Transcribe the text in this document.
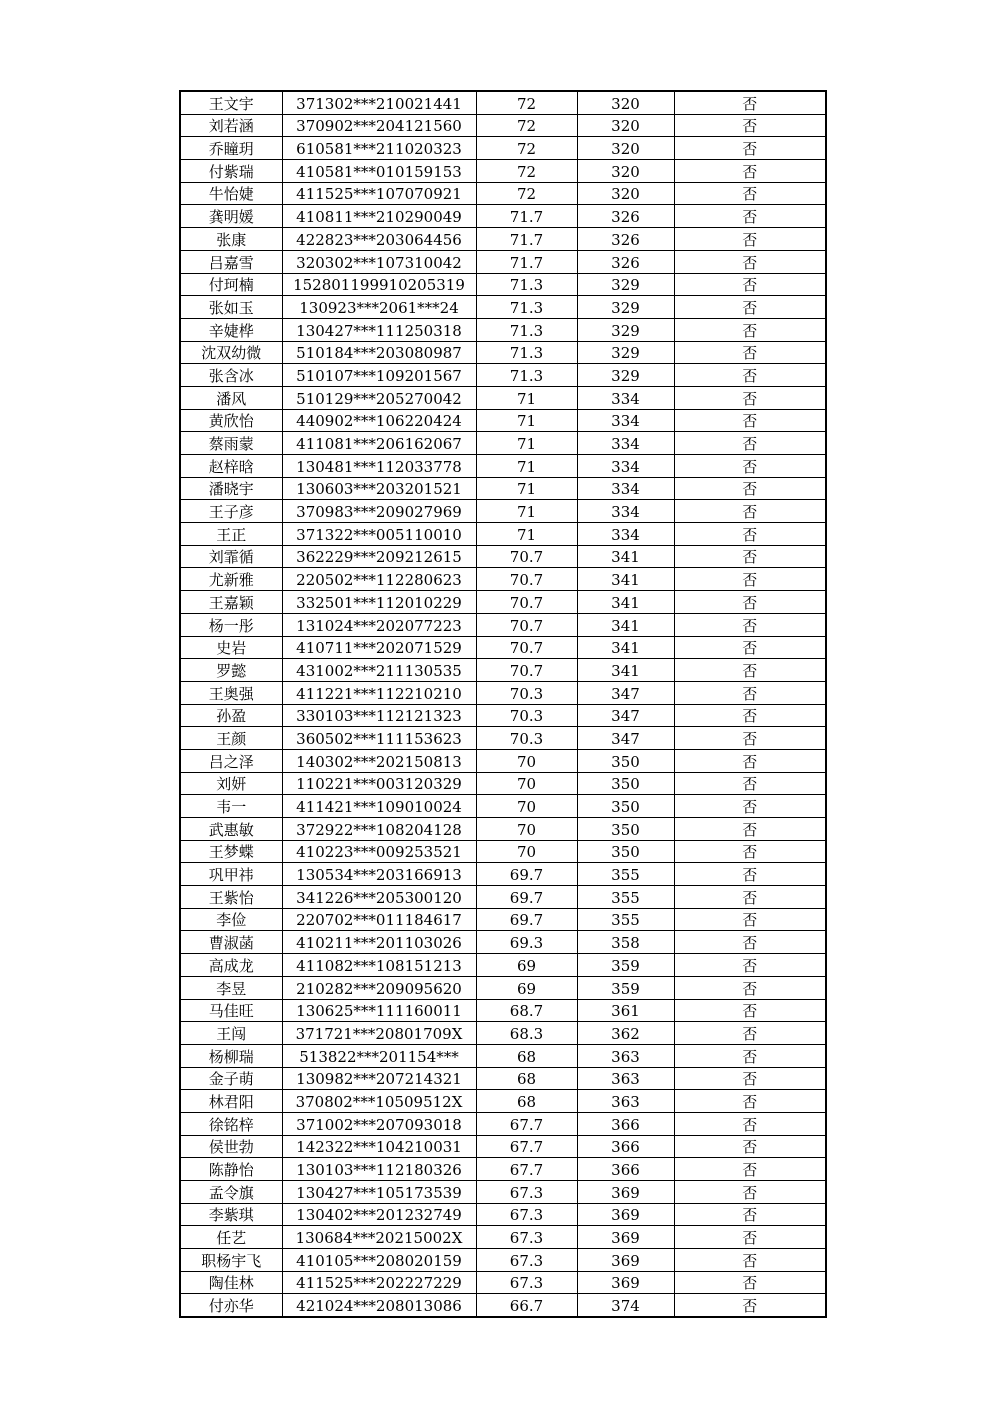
王文宇	371302***210021441	72	320	否
刘若涵	370902***204121560	72	320	否
乔瞳玥	610581***211020323	72	320	否
付紫瑞	410581***010159153	72	320	否
牛怡婕	411525***107070921	72	320	否
龚明媛	410811***210290049	71.7	326	否
张康	422823***203064456	71.7	326	否
吕嘉雪	320302***107310042	71.7	326	否
付珂楠	152801199910205319	71.3	329	否
张如玉	130923***2061***24	71.3	329	否
辛婕桦	130427***111250318	71.3	329	否
沈双幼微	510184***203080987	71.3	329	否
张含冰	510107***109201567	71.3	329	否
潘风	510129***205270042	71	334	否
黄欣怡	440902***106220424	71	334	否
蔡雨蒙	411081***206162067	71	334	否
赵梓晗	130481***112033778	71	334	否
潘晓宇	130603***203201521	71	334	否
王子彦	370983***209027969	71	334	否
王正	371322***005110010	71	334	否
刘霏循	362229***209212615	70.7	341	否
尤新雅	220502***112280623	70.7	341	否
王嘉颖	332501***112010229	70.7	341	否
杨一彤	131024***202077223	70.7	341	否
史岩	410711***202071529	70.7	341	否
罗懿	431002***211130535	70.7	341	否
王奥强	411221***112210210	70.3	347	否
孙盈	330103***112121323	70.3	347	否
王颜	360502***111153623	70.3	347	否
吕之泽	140302***202150813	70	350	否
刘妍	110221***003120329	70	350	否
韦一	411421***109010024	70	350	否
武惠敏	372922***108204128	70	350	否
王梦蝶	410223***009253521	70	350	否
巩甲祎	130534***203166913	69.7	355	否
王紫怡	341226***205300120	69.7	355	否
李俭	220702***011184617	69.7	355	否
曹淑菡	410211***201103026	69.3	358	否
高成龙	411082***108151213	69	359	否
李昱	210282***209095620	69	359	否
马佳旺	130625***111160011	68.7	361	否
王闯	371721***20801709X	68.3	362	否
杨柳瑞	513822***201154***	68	363	否
金子萌	130982***207214321	68	363	否
林君阳	370802***10509512X	68	363	否
徐铭梓	371002***207093018	67.7	366	否
侯世勃	142322***104210031	67.7	366	否
陈静怡	130103***112180326	67.7	366	否
孟令旗	130427***105173539	67.3	369	否
李紫琪	130402***201232749	67.3	369	否
任艺	130684***20215002X	67.3	369	否
职杨宇飞	410105***208020159	67.3	369	否
陶佳林	411525***202227229	67.3	369	否
付亦华	421024***208013086	66.7	374	否
